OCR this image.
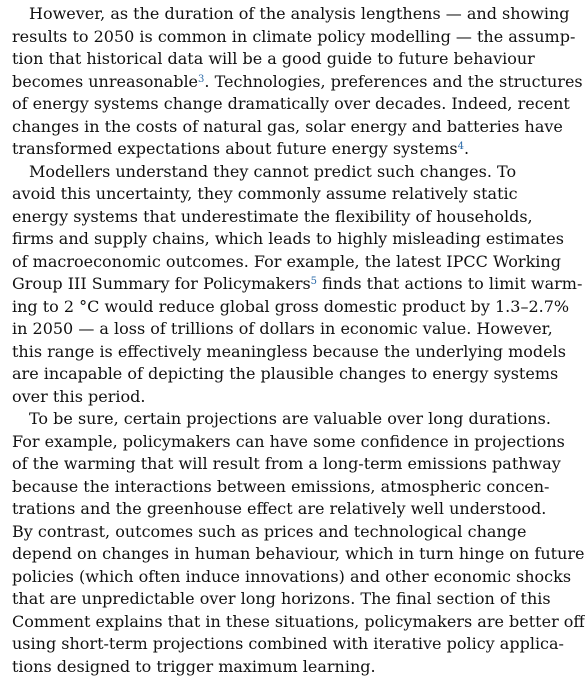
However, as the duration of the analysis lengthens — and showing
results to 2050 is common in climate policy modelling — the assump-
tion that historical data will be a good guide to future behaviour
becomes unreasonable$^3$. Technologies, preferences and the structures
of energy systems change dramatically over decades. Indeed, recent
changes in the costs of natural gas, solar energy and batteries have
transformed expectations about future energy systems$^4$.
Modellers understand they cannot predict such changes. To
avoid this uncertainty, they commonly assume relatively static
energy systems that underestimate the flexibility of households,
firms and supply chains, which leads to highly misleading estimates
of macroeconomic outcomes. For example, the latest IPCC Working
Group III Summary for Policymakers$^5$ finds that actions to limit warm-
ing to 2 °C would reduce global gross domestic product by 1.3–2.7%
in 2050 — a loss of trillions of dollars in economic value. However,
this range is effectively meaningless because the underlying models
are incapable of depicting the plausible changes to energy systems
over this period.
To be sure, certain projections are valuable over long durations.
For example, policymakers can have some confidence in projections
of the warming that will result from a long-term emissions pathway
because the interactions between emissions, atmospheric concen-
trations and the greenhouse effect are relatively well understood.
By contrast, outcomes such as prices and technological change
depend on changes in human behaviour, which in turn hinge on future
policies (which often induce innovations) and other economic shocks
that are unpredictable over long horizons. The final section of this
Comment explains that in these situations, policymakers are better off
using short-term projections combined with iterative policy applica-
tions designed to trigger maximum learning.
